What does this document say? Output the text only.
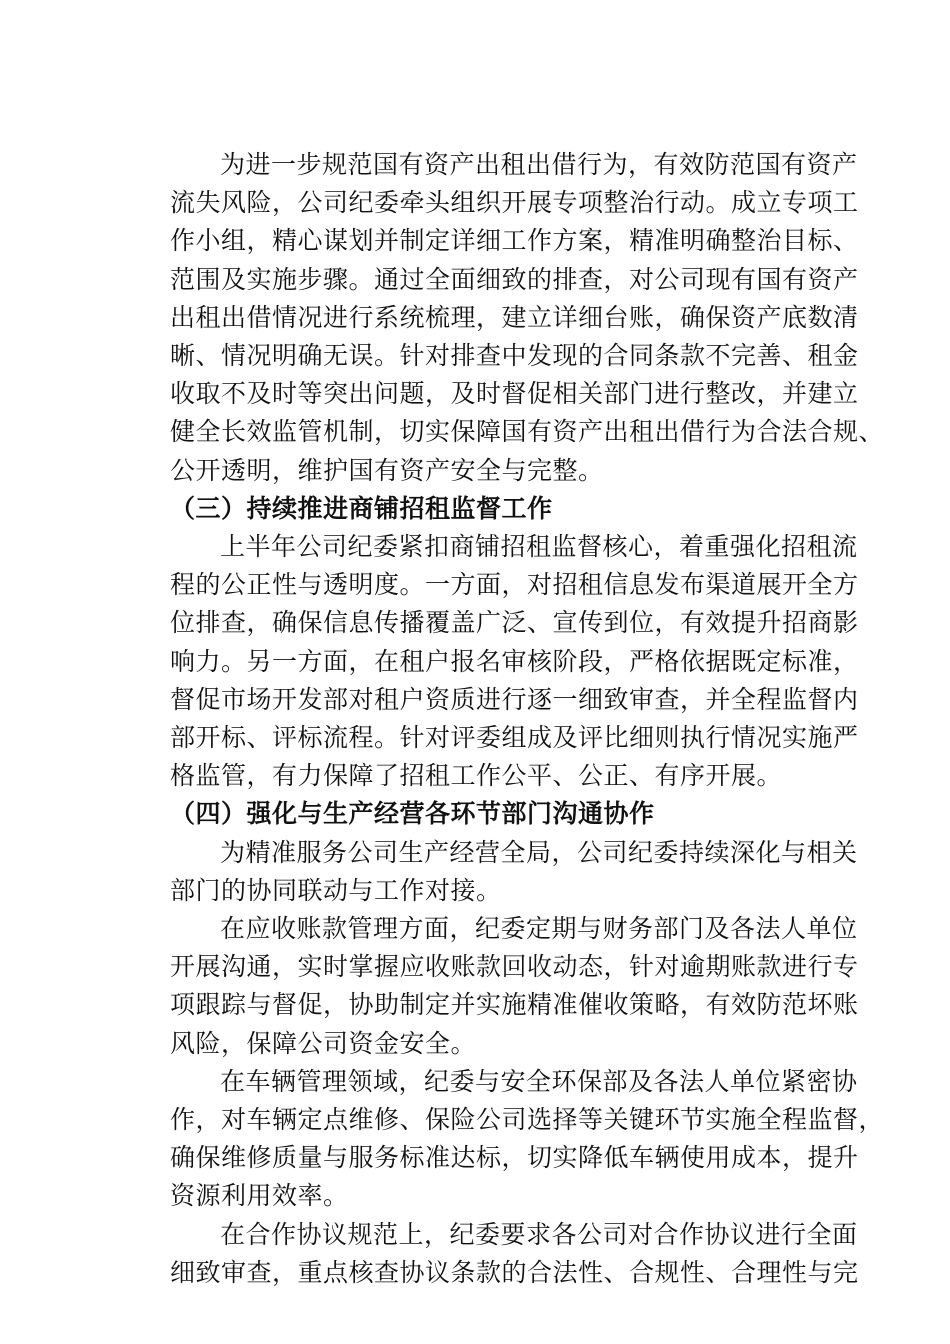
为进一步规范国有资产出租出借行为，有效防范国有资产
流失风险，公司纪委牵头组织开展专项整治行动。成立专项工
作小组，精心谋划并制定详细工作方案，精准明确整治目标、
范围及实施步骤。通过全面细致的排查，对公司现有国有资产
出租出借情况进行系统梳理，建立详细台账，确保资产底数清
晰、情况明确无误。针对排查中发现的合同条款不完善、租金
收取不及时等突出问题，及时督促相关部门进行整改，并建立
健全长效监管机制，切实保障国有资产出租出借行为合法合规、
公开透明，维护国有资产安全与完整。
（三）持续推进商铺招租监督工作
上半年公司纪委紧扣商铺招租监督核心，着重强化招租流
程的公正性与透明度。一方面，对招租信息发布渠道展开全方
位排查，确保信息传播覆盖广泛、宣传到位，有效提升招商影
响力。另一方面，在租户报名审核阶段，严格依据既定标准，
督促市场开发部对租户资质进行逐一细致审查，并全程监督内
部开标、评标流程。针对评委组成及评比细则执行情况实施严
格监管，有力保障了招租工作公平、公正、有序开展。
（四）强化与生产经营各环节部门沟通协作
为精准服务公司生产经营全局，公司纪委持续深化与相关
部门的协同联动与工作对接。
在应收账款管理方面，纪委定期与财务部门及各法人单位
开展沟通，实时掌握应收账款回收动态，针对逾期账款进行专
项跟踪与督促，协助制定并实施精准催收策略，有效防范坏账
风险，保障公司资金安全。
在车辆管理领域，纪委与安全环保部及各法人单位紧密协
作，对车辆定点维修、保险公司选择等关键环节实施全程监督，
确保维修质量与服务标准达标，切实降低车辆使用成本，提升
资源利用效率。
在合作协议规范上，纪委要求各公司对合作协议进行全面
细致审查，重点核查协议条款的合法性、合规性、合理性与完
